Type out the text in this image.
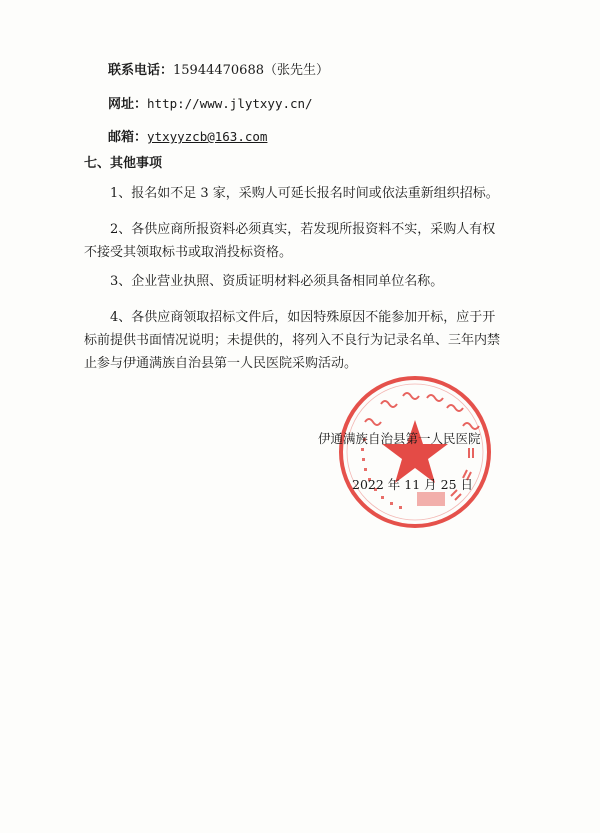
联系电话：15944470688（张先生）
网址：http://www.jlytxyy.cn/
邮箱：ytxyyzcb@163.com
七、其他事项
1、报名如不足 3 家，采购人可延长报名时间或依法重新组织招标。
2、各供应商所报资料必须真实，若发现所报资料不实，采购人有权不接受其领取标书或取消投标资格。
3、企业营业执照、资质证明材料必须具备相同单位名称。
4、各供应商领取招标文件后，如因特殊原因不能参加开标，应于开标前提供书面情况说明；未提供的，将列入不良行为记录名单、三年内禁止参与伊通满族自治县第一人民医院采购活动。
伊通满族自治县第一人民医院
2022 年 11 月 25 日
